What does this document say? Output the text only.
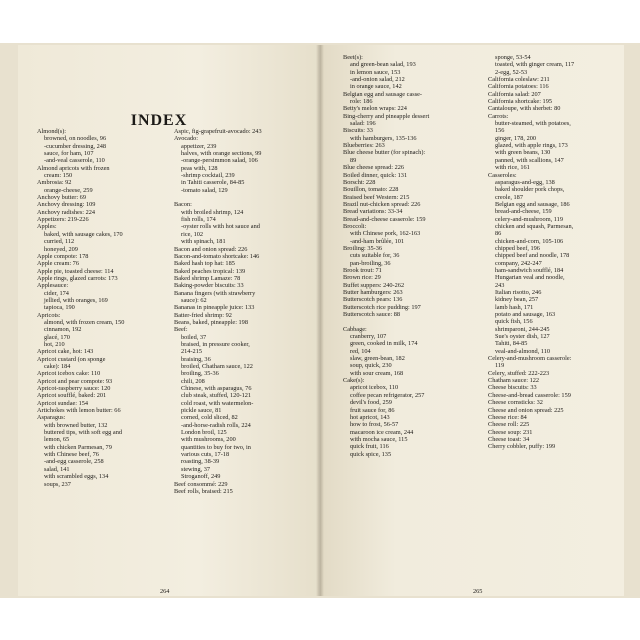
INDEX
Almond(s):
browned, on noodles, 96
-cucumber dressing, 248
sauce, for ham, 107
-and-veal casserole, 110
Almond apricots with frozen
cream: 150
Ambrosia: 92
orange-cheese, 259
Anchovy butter: 69
Anchovy dressing: 109
Anchovy radishes: 224
Appetizers: 219-226
Apples:
baked, with sausage cakes, 170
curried, 112
honeyed, 209
Apple compote: 178
Apple cream: 76
Apple pie, toasted cheese: 114
Apple rings, glazed carrots: 173
Applesauce:
cider, 174
jellied, with oranges, 169
tapioca, 190
Apricots:
almond, with frozen cream, 150
cinnamon, 192
glacé, 170
hot, 210
Apricot cake, hot: 143
Apricot custard (on sponge
cake): 184
Apricot icebox cake: 110
Apricot and pear compote: 93
Apricot-raspberry sauce: 120
Apricot soufflé, baked: 201
Apricot sundae: 154
Artichokes with lemon butter: 66
Asparagus:
with browned butter, 132
buttered tips, with soft egg and
lemon, 65
with chicken Parmesan, 79
with Chinese beef, 76
-and-egg casserole, 258
salad, 141
with scrambled eggs, 134
soups, 237
Aspic, fig-grapefruit-avocado: 243
Avocado:
appetizer, 239
halves, with orange sections, 99
-orange-persimmon salad, 106
peas with, 128
-shrimp cocktail, 239
in Tahiti casserole, 84-85
-tomato salad, 129
Bacon:
with broiled shrimp, 124
fish rolls, 174
-oyster rolls with hot sauce and
rice, 102
with spinach, 181
Bacon and onion spread: 226
Bacon-and-tomato shortcake: 146
Baked hash top hat: 185
Baked peaches tropical: 139
Baked shrimp Lamaze: 78
Baking-powder biscuits: 33
Banana fingers (with strawberry
sauce): 62
Bananas in pineapple juice: 133
Batter-fried shrimp: 92
Beans, baked, pineapple: 198
Beef:
boiled, 37
braised, in pressure cooker,
214-215
braising, 36
broiled, Chatham sauce, 122
broiling, 35-36
chili, 208
Chinese, with asparagus, 76
club steak, stuffed, 120-121
cold roast, with watermelon-
pickle sauce, 81
corned, cold sliced, 82
-and-horse-radish rolls, 224
London broil, 125
with mushrooms, 200
quantities to buy for two, in
various cuts, 17-18
roasting, 38-39
stewing, 37
Stroganoff, 249
Beef consommé: 229
Beef rolls, braised: 215
Beet(s):
and green-bean salad, 193
in lemon sauce, 153
-and-onion salad, 212
in orange sauce, 142
Belgian egg and sausage casse-
role: 186
Betty's melon wraps: 224
Bing-cherry and pineapple dessert
salad: 196
Biscuits: 33
with hamburgers, 135-136
Blueberries: 263
Blue cheese butter (for spinach):
89
Blue cheese spread: 226
Boiled dinner, quick: 131
Borscht: 228
Bouillon, tomato: 228
Braised beef Western: 215
Brazil nut-chicken spread: 226
Bread variations: 33-34
Bread-and-cheese casserole: 159
Broccoli:
with Chinese pork, 162-163
-and-ham brûlée, 101
Broiling: 35-36
cuts suitable for, 36
pan-broiling, 36
Brook trout: 71
Brown rice: 29
Buffet suppers: 240-262
Butter hamburgers: 263
Butterscotch pears: 136
Butterscotch rice pudding: 197
Butterscotch sauce: 88
Cabbage:
cranberry, 107
green, cooked in milk, 174
red, 104
slaw, green-bean, 182
soup, quick, 230
with sour cream, 168
Cake(s):
apricot icebox, 110
coffee pecan refrigerator, 257
devil's food, 259
fruit sauce for, 86
hot apricot, 143
how to frost, 56-57
macaroon ice cream, 244
with mocha sauce, 115
quick fruit, 116
quick spice, 135
sponge, 53-54
toasted, with ginger cream, 117
2-egg, 52-53
California coleslaw: 211
California potatoes: 116
California salad: 207
California shortcake: 195
Cantaloupe, with sherbet: 80
Carrots:
butter-steamed, with potatoes,
156
ginger, 178, 200
glazed, with apple rings, 173
with green beans, 130
panned, with scallions, 147
with rice, 161
Casseroles:
asparagus-and-egg, 138
baked shoulder pork chops,
creole, 187
Belgian egg and sausage, 186
bread-and-cheese, 159
celery-and-mushroom, 119
chicken and squash, Parmesan,
86
chicken-and-corn, 105-106
chipped beef, 196
chipped beef and noodle, 178
company, 242-247
ham-sandwich soufflé, 184
Hungarian veal and noodle,
243
Italian risotto, 246
kidney bean, 257
lamb hash, 171
potato and sausage, 163
quick fish, 156
shrimparoni, 244-245
Sue's oyster dish, 127
Tahiti, 84-85
veal-and-almond, 110
Celery-and-mushroom casserole:
119
Celery, stuffed: 222-223
Chatham sauce: 122
Cheese biscuits: 33
Cheese-and-bread casserole: 159
Cheese cornsticks: 32
Cheese and onion spread: 225
Cheese rice: 84
Cheese roll: 225
Cheese soup: 231
Cheese toast: 34
Cherry cobbler, puffy: 199

264	265
